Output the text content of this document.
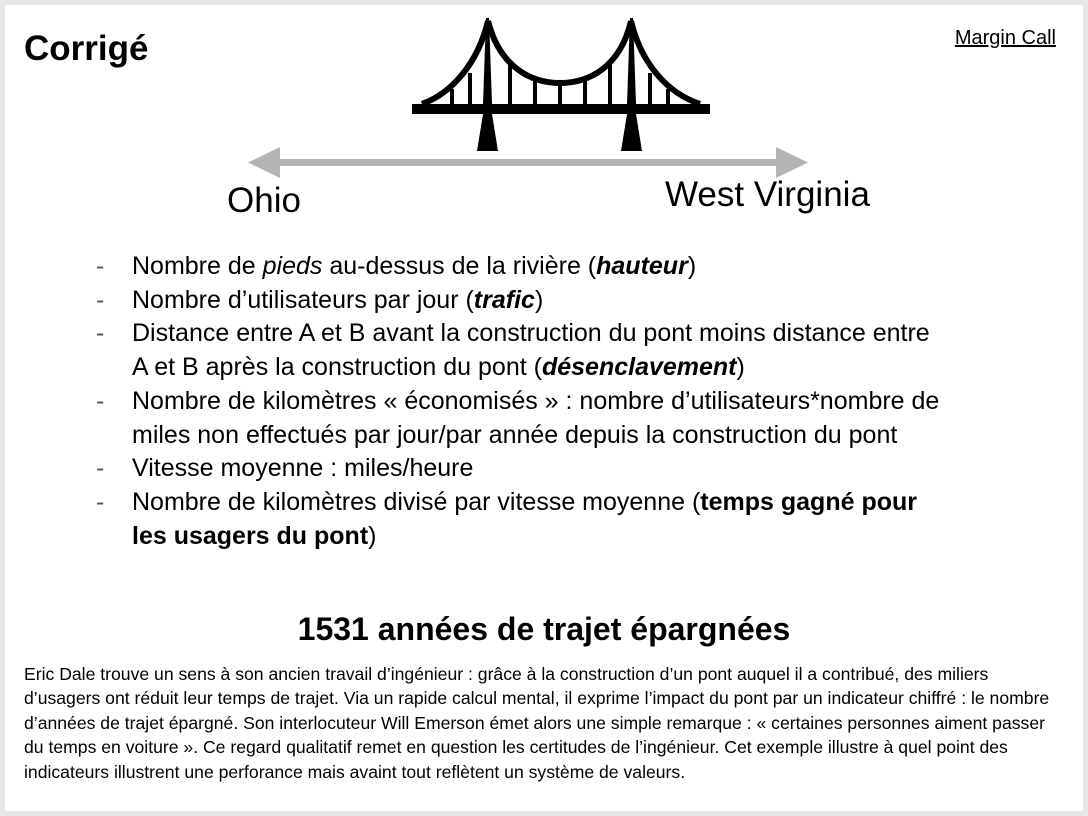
Corrigé	Margin Call
Ohio	West Virginia
- Nombre de pieds au-dessus de la rivière (hauteur)
- Nombre d’utilisateurs par jour (trafic)
- Distance entre A et B avant la construction du pont moins distance entre A et B après la construction du pont (désenclavement)
- Nombre de kilomètres « économisés » : nombre d’utilisateurs*nombre de miles non effectués par jour/par année depuis la construction du pont
- Vitesse moyenne : miles/heure
- Nombre de kilomètres divisé par vitesse moyenne (temps gagné pour les usagers du pont)
1531 années de trajet épargnées

Eric Dale trouve un sens à son ancien travail d’ingénieur : grâce à la construction d’un pont auquel il a contribué, des miliers d’usagers ont réduit leur temps de trajet. Via un rapide calcul mental, il exprime l’impact du pont par un indicateur chiffré : le nombre d’années de trajet épargné. Son interlocuteur Will Emerson émet alors une simple remarque : « certaines personnes aiment passer du temps en voiture ». Ce regard qualitatif remet en question les certitudes de l’ingénieur. Cet exemple illustre à quel point des indicateurs illustrent une perforance mais avaint tout reflètent un système de valeurs.
